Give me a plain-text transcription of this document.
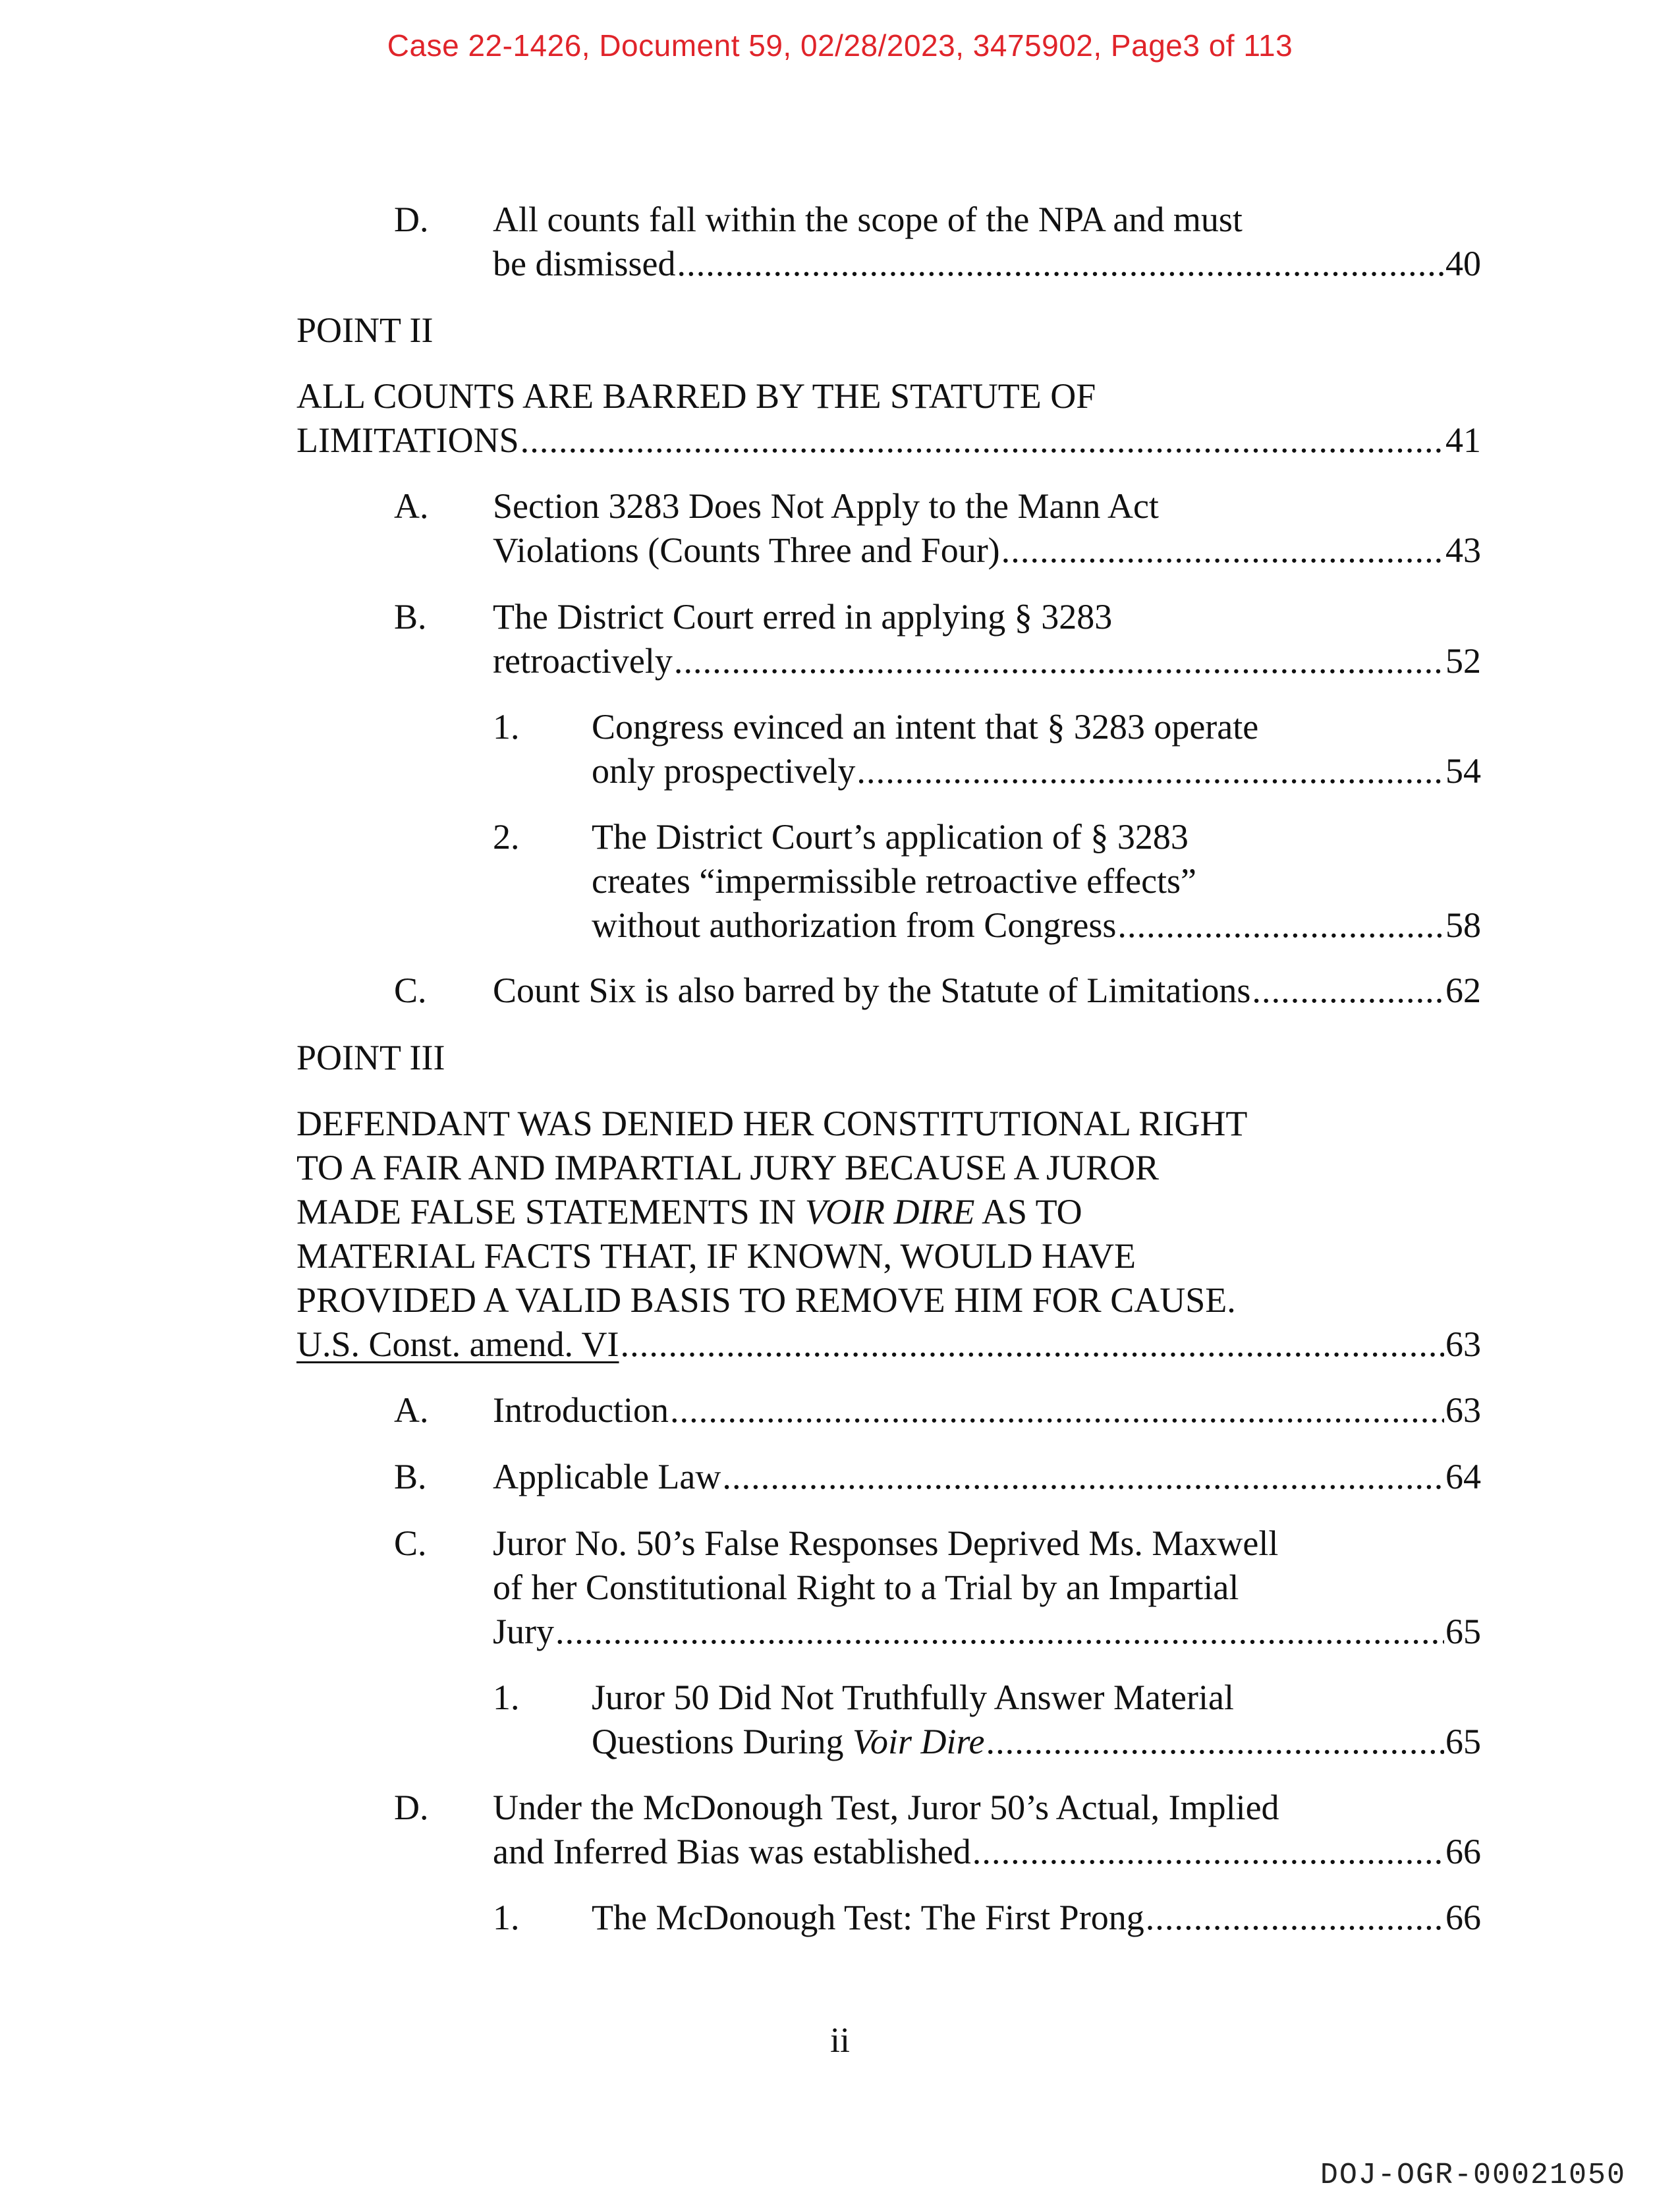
Case 22-1426, Document 59, 02/28/2023, 3475902, Page3 of 113
D. All counts fall within the scope of the NPA and must
be dismissed . . .	40
POINT II
ALL COUNTS ARE BARRED BY THE STATUTE OF
LIMITATIONS . . .	41
A. Section 3283 Does Not Apply to the Mann Act
Violations (Counts Three and Four) . . .	43
B. The District Court erred in applying § 3283
retroactively . . .	52
1. Congress evinced an intent that § 3283 operate
only prospectively . . .	54
2. The District Court’s application of § 3283
creates “impermissible retroactive effects”
without authorization from Congress . . .	58
C. Count Six is also barred by the Statute of Limitations . . .	62
POINT III
DEFENDANT WAS DENIED HER CONSTITUTIONAL RIGHT
TO A FAIR AND IMPARTIAL JURY BECAUSE A JUROR
MADE FALSE STATEMENTS IN VOIR DIRE AS TO
MATERIAL FACTS THAT, IF KNOWN, WOULD HAVE
PROVIDED A VALID BASIS TO REMOVE HIM FOR CAUSE.
U.S. Const. amend. VI . . .	63
A. Introduction . . .	63
B. Applicable Law . . .	64
C. Juror No. 50’s False Responses Deprived Ms. Maxwell
of her Constitutional Right to a Trial by an Impartial
Jury . . .	65
1. Juror 50 Did Not Truthfully Answer Material
Questions During Voir Dire . . .	65
D. Under the McDonough Test, Juror 50’s Actual, Implied
and Inferred Bias was established . . .	66
1. The McDonough Test: The First Prong . . .	66
ii
DOJ-OGR-00021050
